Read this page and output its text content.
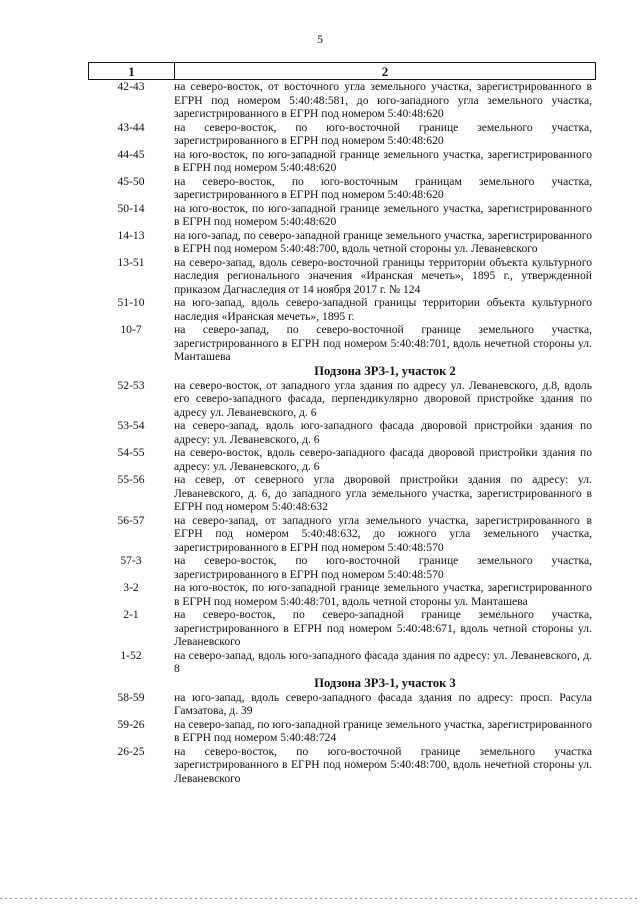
5
1	2
42-43	на северо-восток, от восточного угла земельного участка, зарегистрированного в ЕГРН под номером 5:40:48:581, до юго-западного угла земельного участка, зарегистрированного в ЕГРН под номером 5:40:48:620
43-44	на северо-восток, по юго-восточной границе земельного участка, зарегистрированного в ЕГРН под номером 5:40:48:620
44-45	на юго-восток, по юго-западной границе земельного участка, зарегистрированного в ЕГРН под номером 5:40:48:620
45-50	на северо-восток, по юго-восточным границам земельного участка, зарегистрированного в ЕГРН под номером 5:40:48:620
50-14	на юго-восток, по юго-западной границе земельного участка, зарегистрированного в ЕГРН под номером 5:40:48:620
14-13	на юго-запад, по северо-западной границе земельного участка, зарегистрированного в ЕГРН под номером 5:40:48:700, вдоль четной стороны ул. Леваневского
13-51	на северо-запад, вдоль северо-восточной границы территории объекта культурного наследия регионального значения «Иранская мечеть», 1895 г., утвержденной приказом Дагнаследия от 14 ноября 2017 г. № 124
51-10	на юго-запад, вдоль северо-западной границы территории объекта культурного наследия «Иранская мечеть», 1895 г.
10-7	на северо-запад, по северо-восточной границе земельного участка, зарегистрированного в ЕГРН под номером 5:40:48:701, вдоль нечетной стороны ул. Манташева
Подзона ЗРЗ-1, участок 2
52-53	на северо-восток, от западного угла здания по адресу ул. Леваневского, д.8, вдоль его северо-западного фасада, перпендикулярно дворовой пристройке здания по адресу ул. Леваневского, д. 6
53-54	на северо-запад, вдоль юго-западного фасада дворовой пристройки здания по адресу: ул. Леваневского, д. 6
54-55	на северо-восток, вдоль северо-западного фасада дворовой пристройки здания по адресу: ул. Леваневского, д. 6
55-56	на север, от северного угла дворовой пристройки здания по адресу: ул. Леваневского, д. 6, до западного угла земельного участка, зарегистрированного в ЕГРН под номером 5:40:48:632
56-57	на северо-запад, от западного угла земельного участка, зарегистрированного в ЕГРН под номером 5:40:48:632, до южного угла земельного участка, зарегистрированного в ЕГРН под номером 5:40:48:570
57-3	на северо-восток, по юго-восточной границе земельного участка, зарегистрированного в ЕГРН под номером 5:40:48:570
3-2	на юго-восток, по юго-западной границе земельного участка, зарегистрированного в ЕГРН под номером 5:40:48:701, вдоль четной стороны ул. Манташева
2-1	на северо-восток, по северо-западной границе земельного участка, зарегистрированного в ЕГРН под номером 5:40:48:671, вдоль четной стороны ул. Леваневского
1-52	на северо-запад, вдоль юго-западного фасада здания по адресу: ул. Леваневского, д. 8
Подзона ЗРЗ-1, участок 3
58-59	на юго-запад, вдоль северо-западного фасада здания по адресу: просп. Расула Гамзатова, д. 39
59-26	на северо-запад, по юго-западной границе земельного участка, зарегистрированного в ЕГРН под номером 5:40:48:724
26-25	на северо-восток, по юго-восточной границе земельного участка зарегистрированного в ЕГРН под номером 5:40:48:700, вдоль нечетной стороны ул. Леваневского
